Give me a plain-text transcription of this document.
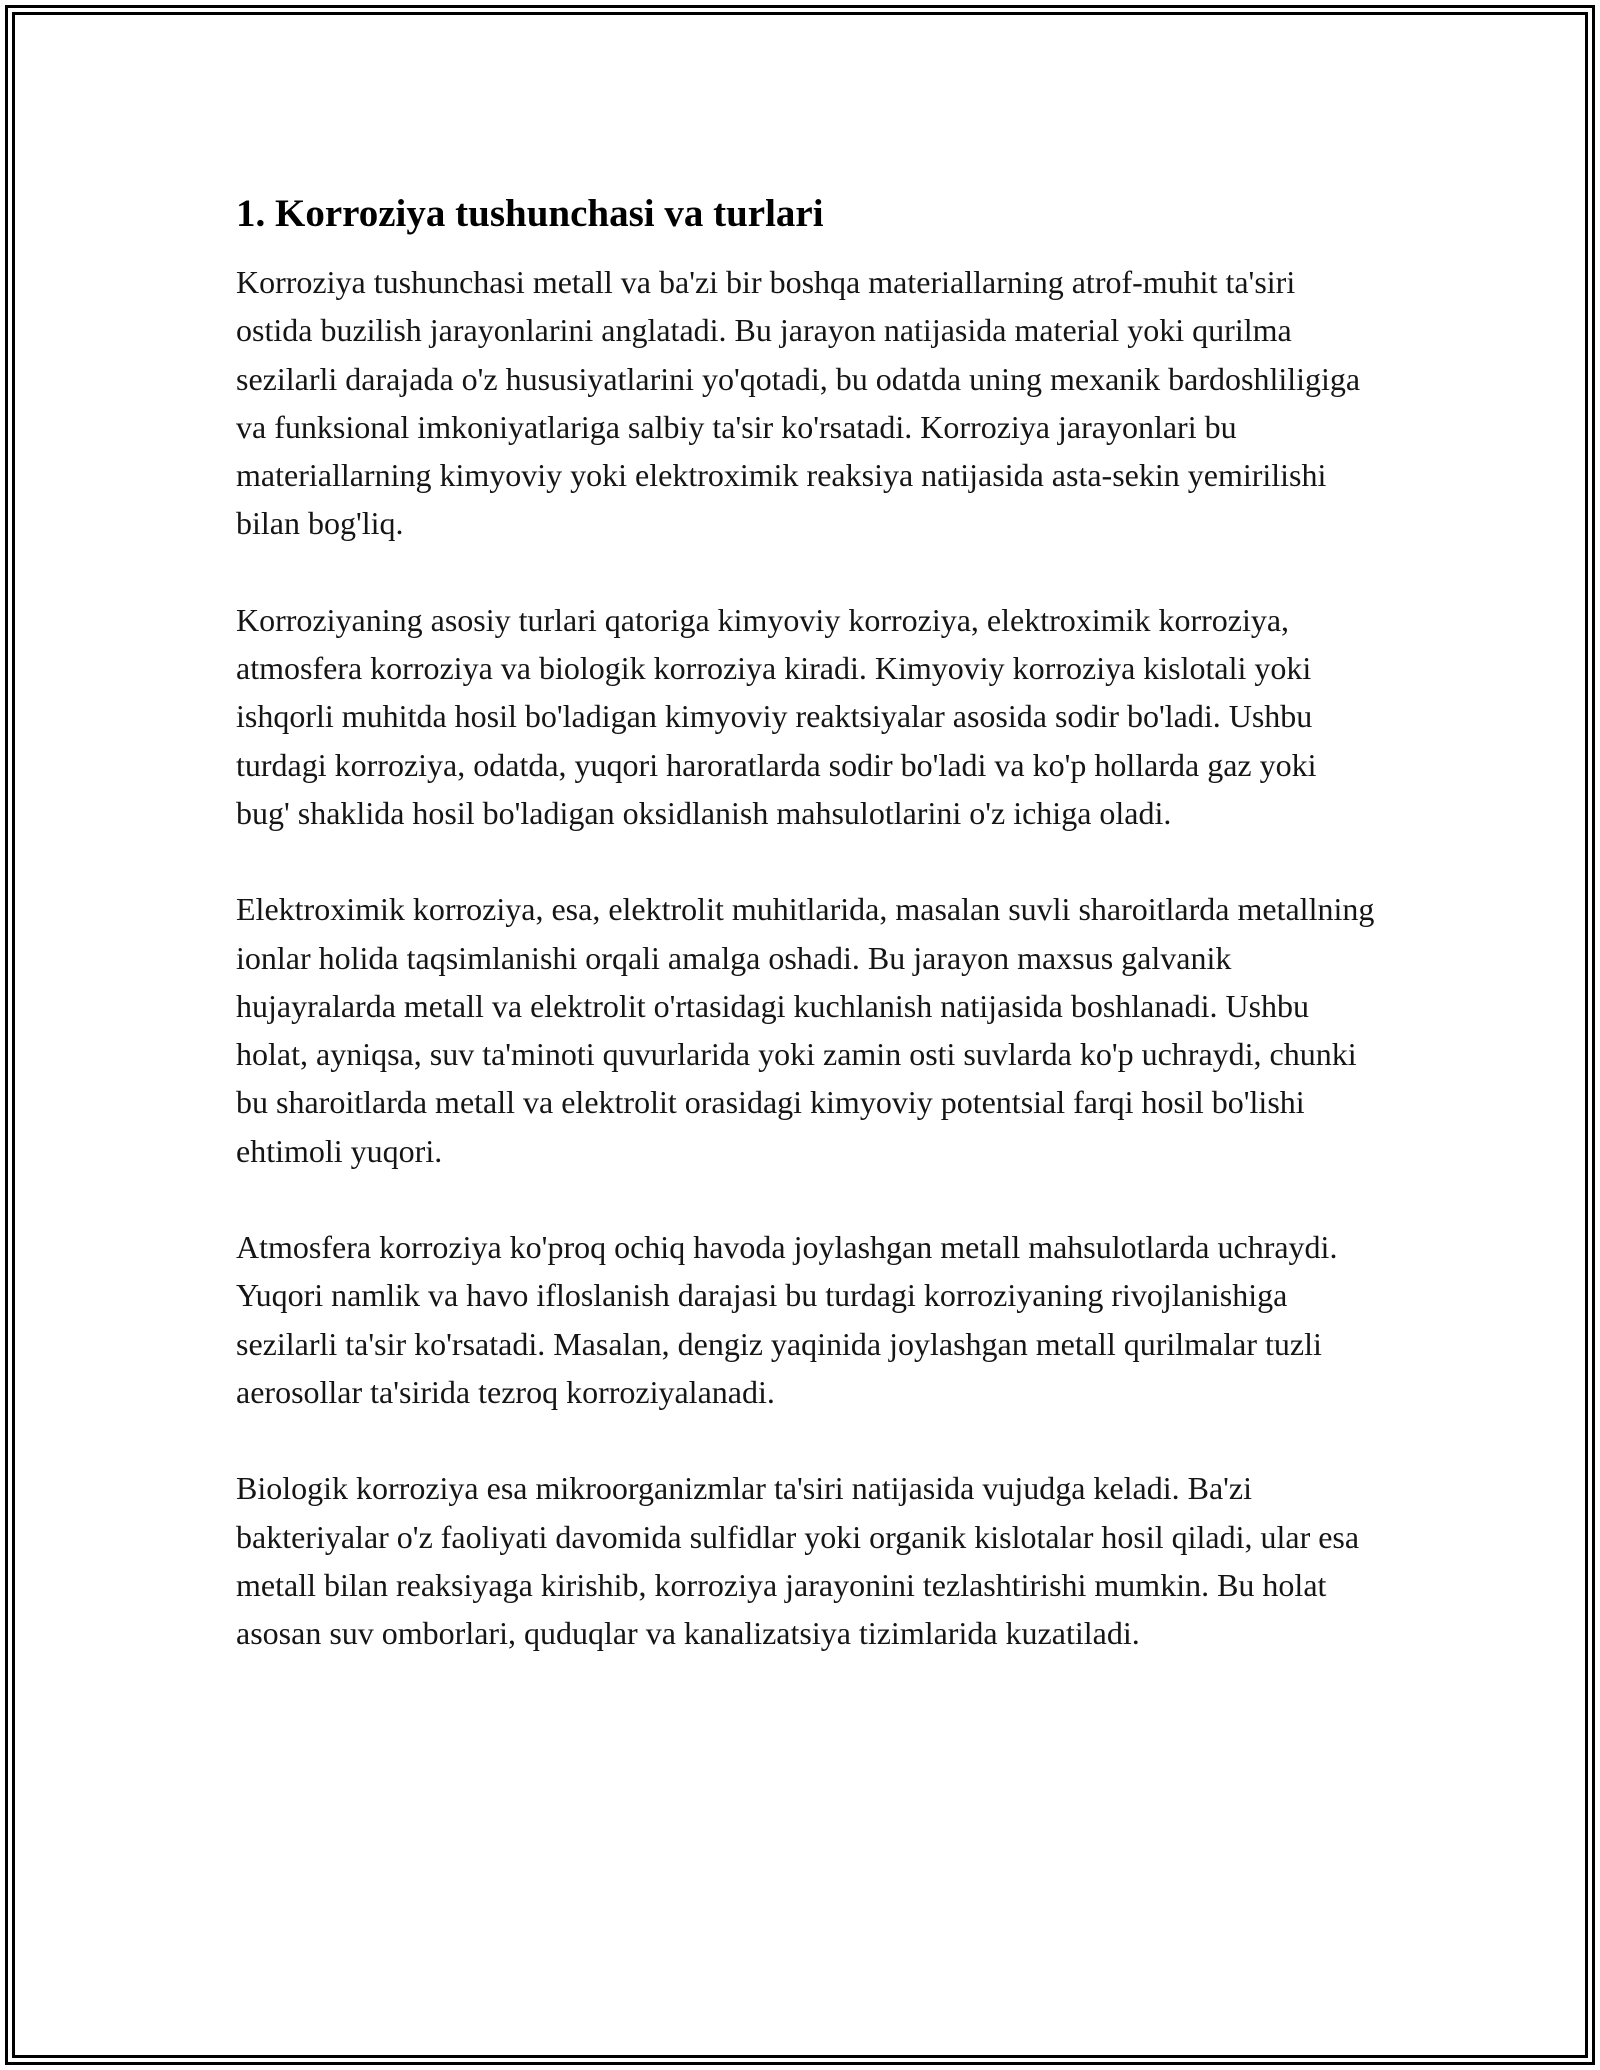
1. Korroziya tushunchasi va turlari

Korroziya tushunchasi metall va ba'zi bir boshqa materiallarning atrof-muhit ta'siri ostida buzilish jarayonlarini anglatadi. Bu jarayon natijasida material yoki qurilma sezilarli darajada o'z hususiyatlarini yo'qotadi, bu odatda uning mexanik bardoshliligiga va funksional imkoniyatlariga salbiy ta'sir ko'rsatadi. Korroziya jarayonlari bu materiallarning kimyoviy yoki elektroximik reaksiya natijasida asta-sekin yemirilishi bilan bog'liq.

Korroziyaning asosiy turlari qatoriga kimyoviy korroziya, elektroximik korroziya, atmosfera korroziya va biologik korroziya kiradi. Kimyoviy korroziya kislotali yoki ishqorli muhitda hosil bo'ladigan kimyoviy reaktsiyalar asosida sodir bo'ladi. Ushbu turdagi korroziya, odatda, yuqori haroratlarda sodir bo'ladi va ko'p hollarda gaz yoki bug' shaklida hosil bo'ladigan oksidlanish mahsulotlarini o'z ichiga oladi.

Elektroximik korroziya, esa, elektrolit muhitlarida, masalan suvli sharoitlarda metallning ionlar holida taqsimlanishi orqali amalga oshadi. Bu jarayon maxsus galvanik hujayralarda metall va elektrolit o'rtasidagi kuchlanish natijasida boshlanadi. Ushbu holat, ayniqsa, suv ta'minoti quvurlarida yoki zamin osti suvlarda ko'p uchraydi, chunki bu sharoitlarda metall va elektrolit orasidagi kimyoviy potentsial farqi hosil bo'lishi ehtimoli yuqori.

Atmosfera korroziya ko'proq ochiq havoda joylashgan metall mahsulotlarda uchraydi. Yuqori namlik va havo ifloslanish darajasi bu turdagi korroziyaning rivojlanishiga sezilarli ta'sir ko'rsatadi. Masalan, dengiz yaqinida joylashgan metall qurilmalar tuzli aerosollar ta'sirida tezroq korroziyalanadi.

Biologik korroziya esa mikroorganizmlar ta'siri natijasida vujudga keladi. Ba'zi bakteriyalar o'z faoliyati davomida sulfidlar yoki organik kislotalar hosil qiladi, ular esa metall bilan reaksiyaga kirishib, korroziya jarayonini tezlashtirishi mumkin. Bu holat asosan suv omborlari, quduqlar va kanalizatsiya tizimlarida kuzatiladi.
